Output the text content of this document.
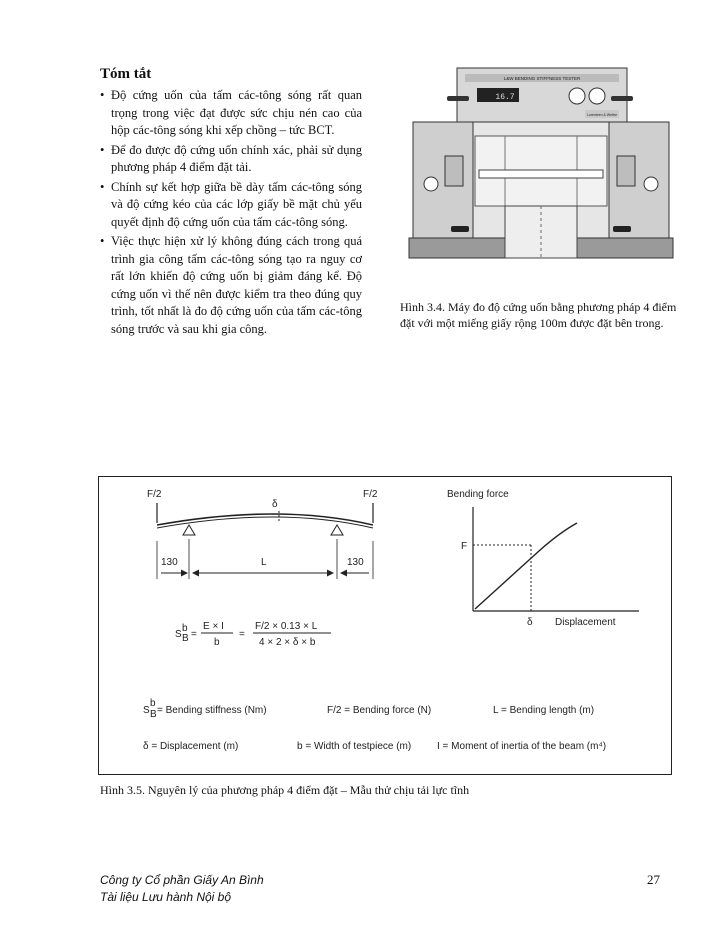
Tóm tắt
• Độ cứng uốn của tấm các-tông sóng rất quan trọng trong việc đạt được sức chịu nén cao của hộp các-tông sóng khi xếp chồng – tức BCT.
• Để đo được độ cứng uốn chính xác, phải sử dụng phương pháp 4 điểm đặt tải.
• Chính sự kết hợp giữa bề dày tấm các-tông sóng và độ cứng kéo của các lớp giấy bề mặt chủ yếu quyết định độ cứng uốn của tấm các-tông sóng.
• Việc thực hiện xử lý không đúng cách trong quá trình gia công tấm các-tông sóng tạo ra nguy cơ rất lớn khiến độ cứng uốn bị giảm đáng kể. Độ cứng uốn vì thế nên được kiểm tra theo đúng quy trình, tốt nhất là đo độ cứng uốn của tấm các-tông sóng trước và sau khi gia công.
L&W BENDING STIFFNESS TESTER
16.7
Lorentzen & Wettre
Hình 3.4. Máy đo độ cứng uốn bằng phương pháp 4 điểm đặt với một miếng giấy rộng 100m được đặt bên trong.
F/2	F/2
δ
130	L	130
Bending force
F
δ Displacement
S
b
B =
E × I
b
=
F/2 × 0.13 × L
4 × 2 × δ × b
S
b
B = Bending stiffness (Nm)	F/2 = Bending force (N)	L = Bending length (m)
δ = Displacement (m)	b = Width of testpiece (m)	I = Moment of inertia of the beam (m⁴)
Hình 3.5. Nguyên lý của phương pháp 4 điểm đặt – Mẫu thử chịu tải lực tĩnh
Công ty Cổ phần Giấy An Bình
Tài liệu Lưu hành Nội bộ
27
